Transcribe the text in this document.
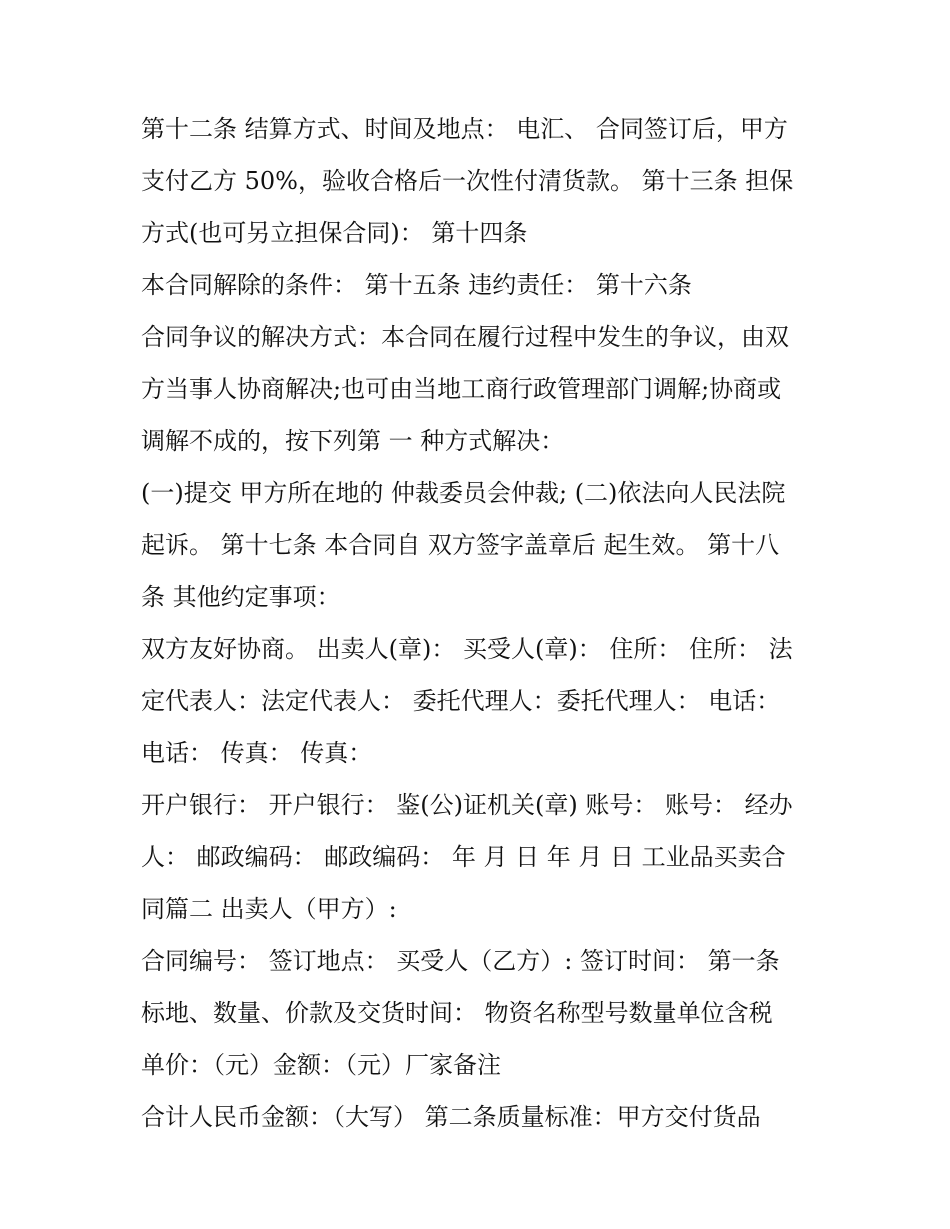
第十二条 结算方式、时间及地点： 电汇、 合同签订后，甲方
支付乙方 50%，验收合格后一次性付清货款。 第十三条 担保
方式(也可另立担保合同)： 第十四条
本合同解除的条件： 第十五条 违约责任： 第十六条
合同争议的解决方式：本合同在履行过程中发生的争议，由双
方当事人协商解决;也可由当地工商行政管理部门调解;协商或
调解不成的，按下列第 一 种方式解决：
(一)提交 甲方所在地的 仲裁委员会仲裁; (二)依法向人民法院
起诉。 第十七条 本合同自 双方签字盖章后 起生效。 第十八
条 其他约定事项：
双方友好协商。 出卖人(章)： 买受人(章)： 住所： 住所： 法
定代表人：法定代表人： 委托代理人：委托代理人： 电话：
电话： 传真： 传真：
开户银行： 开户银行： 鉴(公)证机关(章) 账号： 账号： 经办
人： 邮政编码： 邮政编码： 年 月 日 年 月 日 工业品买卖合
同篇二 出卖人（甲方）:
合同编号： 签订地点： 买受人（乙方）: 签订时间： 第一条
标地、数量、价款及交货时间： 物资名称型号数量单位含税
单价：（元）金额：（元）厂家备注
合计人民币金额：（大写） 第二条质量标准：甲方交付货品
